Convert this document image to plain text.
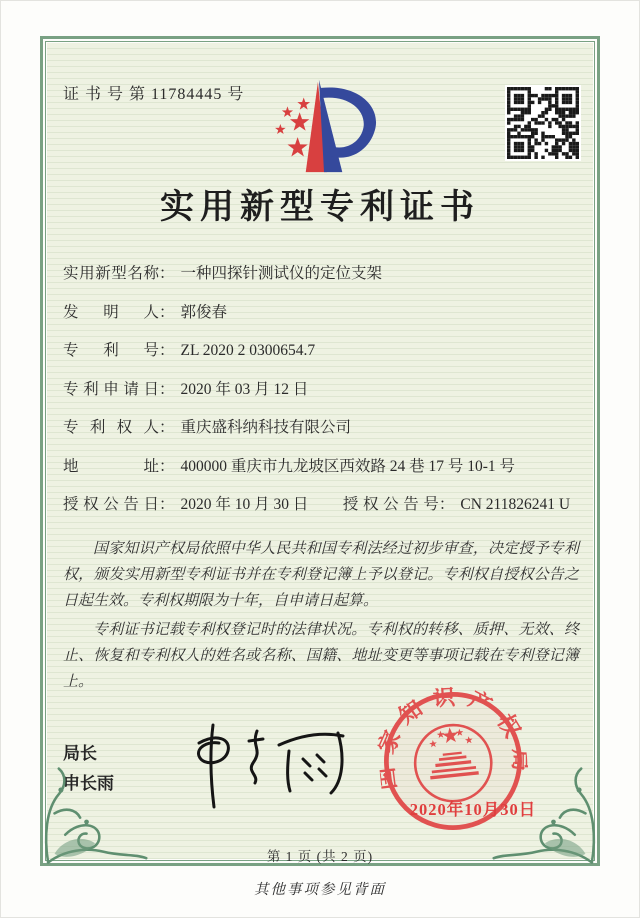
证 书 号 第 11784445 号
实用新型专利证书
实用新型名称： 一种四探针测试仪的定位支架
发明人： 郭俊春
专利号： ZL 2020 2 0300654.7
专利申请日： 2020 年 03 月 12 日
专利权人： 重庆盛科纳科技有限公司
地址： 400000 重庆市九龙坡区西效路 24 巷 17 号 10-1 号
授权公告日： 2020 年 10 月 30 日 授权公告号： CN 211826241 U

国家知识产权局依照中华人民共和国专利法经过初步审查，决定授予专利权，颁发实用新型专利证书并在专利登记簿上予以登记。专利权自授权公告之日起生效。专利权期限为十年，自申请日起算。

专利证书记载专利权登记时的法律状况。专利权的转移、质押、无效、终止、恢复和专利权人的姓名或名称、国籍、地址变更等事项记载在专利登记簿上。

局长
申长雨	国家知识产权局
2020年10月30日
第 1 页 (共 2 页)
其他事项参见背面
